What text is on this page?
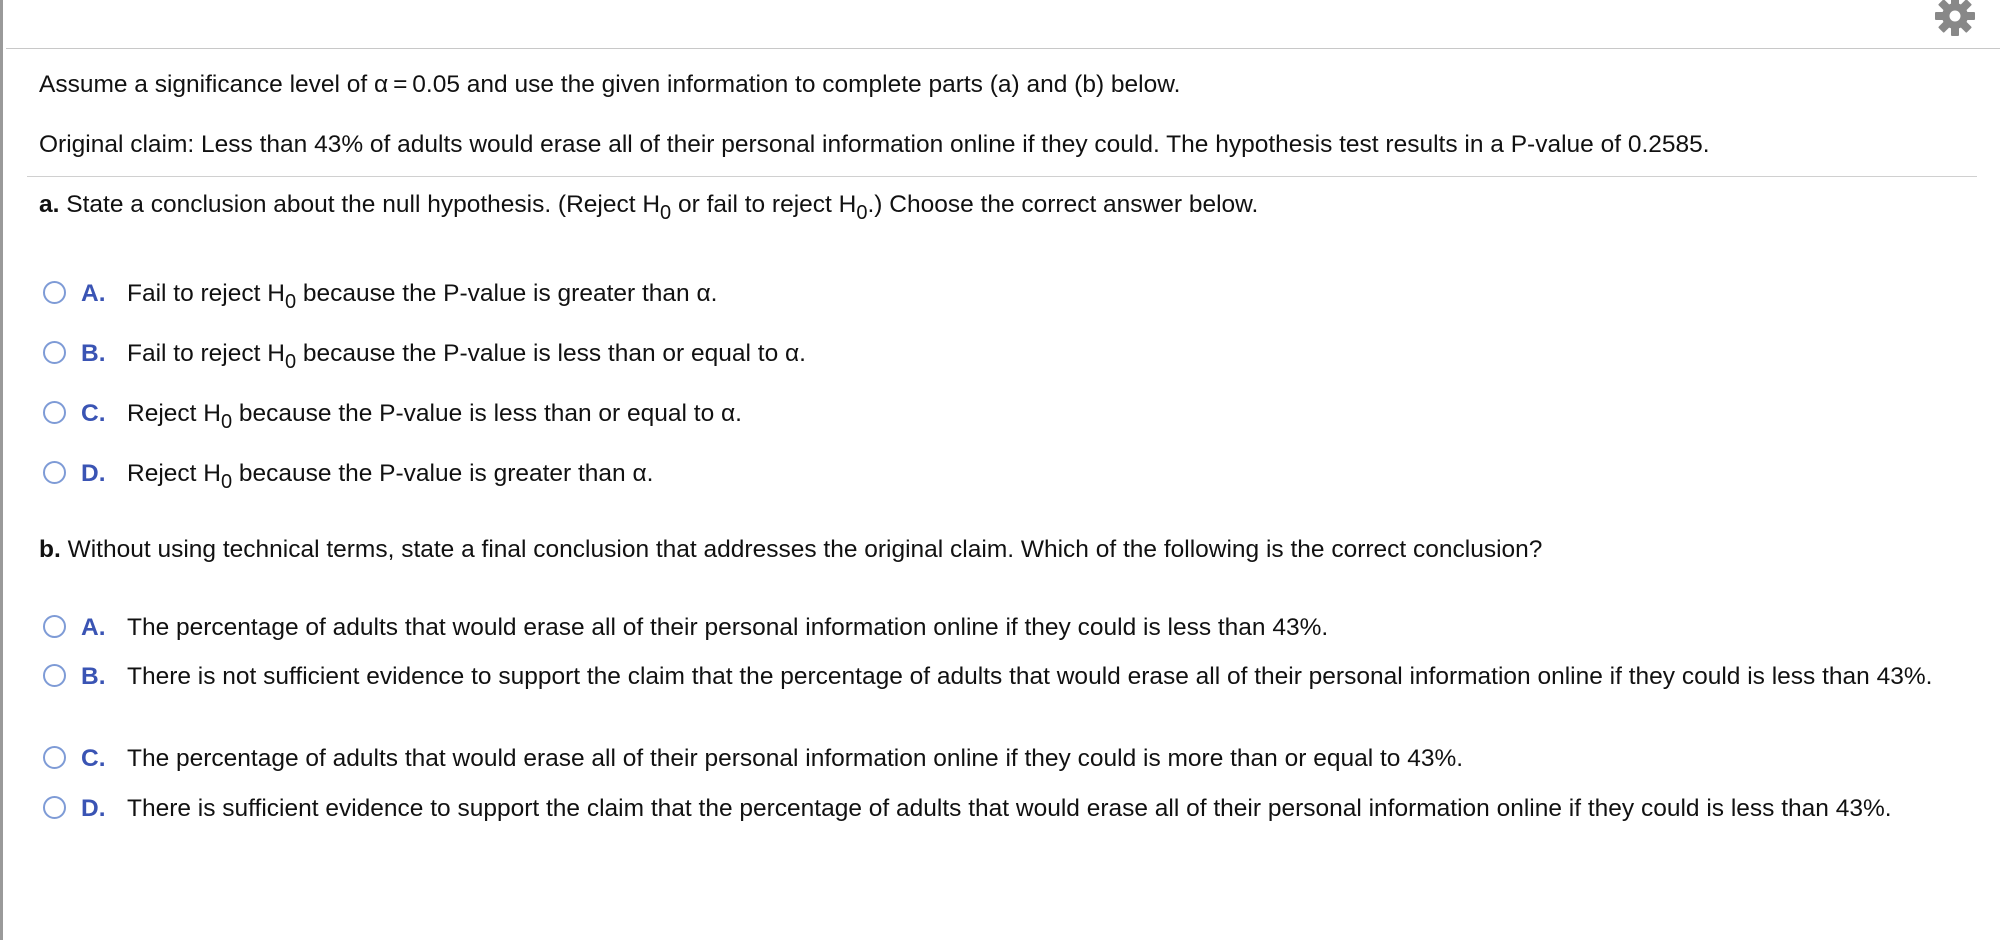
Assume a significance level of α = 0.05 and use the given information to complete parts (a) and (b) below.
Original claim: Less than 43% of adults would erase all of their personal information online if they could. The hypothesis test results in a P-value of 0.2585.
a. State a conclusion about the null hypothesis. (Reject $H_0$ or fail to reject $H_0$.) Choose the correct answer below.
A. Fail to reject $H_0$ because the P-value is greater than α.
B. Fail to reject $H_0$ because the P-value is less than or equal to α.
C. Reject $H_0$ because the P-value is less than or equal to α.
D. Reject $H_0$ because the P-value is greater than α.
b. Without using technical terms, state a final conclusion that addresses the original claim. Which of the following is the correct conclusion?
A. The percentage of adults that would erase all of their personal information online if they could is less than 43%.
B. There is not sufficient evidence to support the claim that the percentage of adults that would erase all of their personal information online if they could is less than 43%.
C. The percentage of adults that would erase all of their personal information online if they could is more than or equal to 43%.
D. There is sufficient evidence to support the claim that the percentage of adults that would erase all of their personal information online if they could is less than 43%.
